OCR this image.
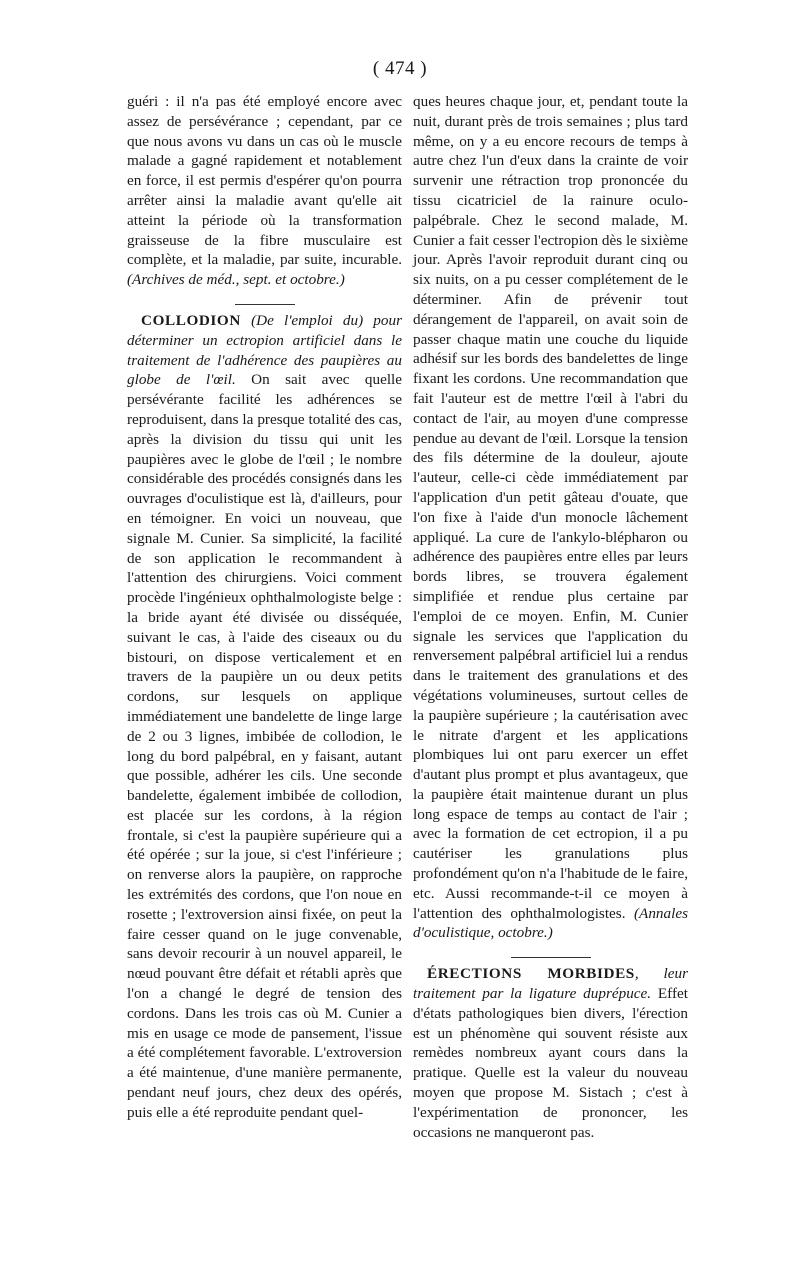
( 474 )

guéri : il n'a pas été employé encore avec assez de persévérance ; cependant, par ce que nous avons vu dans un cas où le muscle malade a gagné rapidement et notablement en force, il est permis d'espérer qu'on pourra arrêter ainsi la maladie avant qu'elle ait atteint la période où la transformation graisseuse de la fibre musculaire est complète, et la maladie, par suite, incurable. (Archives de méd., sept. et octobre.)

COLLODION (De l'emploi du) pour déterminer un ectropion artificiel dans le traitement de l'adhérence des paupières au globe de l'œil. On sait avec quelle persévérante facilité les adhérences se reproduisent, dans la presque totalité des cas, après la division du tissu qui unit les paupières avec le globe de l'œil ; le nombre considérable des procédés consignés dans les ouvrages d'oculistique est là, d'ailleurs, pour en témoigner. En voici un nouveau, que signale M. Cunier. Sa simplicité, la facilité de son application le recommandent à l'attention des chirurgiens. Voici comment procède l'ingénieux ophthalmologiste belge : la bride ayant été divisée ou disséquée, suivant le cas, à l'aide des ciseaux ou du bistouri, on dispose verticalement et en travers de la paupière un ou deux petits cordons, sur lesquels on applique immédiatement une bandelette de linge large de 2 ou 3 lignes, imbibée de collodion, le long du bord palpébral, en y faisant, autant que possible, adhérer les cils. Une seconde bandelette, également imbibée de collodion, est placée sur les cordons, à la région frontale, si c'est la paupière supérieure qui a été opérée ; sur la joue, si c'est l'inférieure ; on renverse alors la paupière, on rapproche les extrémités des cordons, que l'on noue en rosette ; l'extroversion ainsi fixée, on peut la faire cesser quand on le juge convenable, sans devoir recourir à un nouvel appareil, le nœud pouvant être défait et rétabli après que l'on a changé le degré de tension des cordons. Dans les trois cas où M. Cunier a mis en usage ce mode de pansement, l'issue a été complétement favorable. L'extroversion a été maintenue, d'une manière permanente, pendant neuf jours, chez deux des opérés, puis elle a été reproduite pendant quel-

ques heures chaque jour, et, pendant toute la nuit, durant près de trois semaines ; plus tard même, on y a eu encore recours de temps à autre chez l'un d'eux dans la crainte de voir survenir une rétraction trop prononcée du tissu cicatriciel de la rainure oculo-palpébrale. Chez le second malade, M. Cunier a fait cesser l'ectropion dès le sixième jour. Après l'avoir reproduit durant cinq ou six nuits, on a pu cesser complétement de le déterminer. Afin de prévenir tout dérangement de l'appareil, on avait soin de passer chaque matin une couche du liquide adhésif sur les bords des bandelettes de linge fixant les cordons. Une recommandation que fait l'auteur est de mettre l'œil à l'abri du contact de l'air, au moyen d'une compresse pendue au devant de l'œil. Lorsque la tension des fils détermine de la douleur, ajoute l'auteur, celle-ci cède immédiatement par l'application d'un petit gâteau d'ouate, que l'on fixe à l'aide d'un monocle lâchement appliqué. La cure de l'ankylo-blépharon ou adhérence des paupières entre elles par leurs bords libres, se trouvera également simplifiée et rendue plus certaine par l'emploi de ce moyen. Enfin, M. Cunier signale les services que l'application du renversement palpébral artificiel lui a rendus dans le traitement des granulations et des végétations volumineuses, surtout celles de la paupière supérieure ; la cautérisation avec le nitrate d'argent et les applications plombiques lui ont paru exercer un effet d'autant plus prompt et plus avantageux, que la paupière était maintenue durant un plus long espace de temps au contact de l'air ; avec la formation de cet ectropion, il a pu cautériser les granulations plus profondément qu'on n'a l'habitude de le faire, etc. Aussi recommande-t-il ce moyen à l'attention des ophthalmologistes. (Annales d'oculistique, octobre.)

ÉRECTIONS MORBIDES, leur traitement par la ligature duprépuce. Effet d'états pathologiques bien divers, l'érection est un phénomène qui souvent résiste aux remèdes nombreux ayant cours dans la pratique. Quelle est la valeur du nouveau moyen que propose M. Sistach ; c'est à l'expérimentation de prononcer, les occasions ne manqueront pas.
